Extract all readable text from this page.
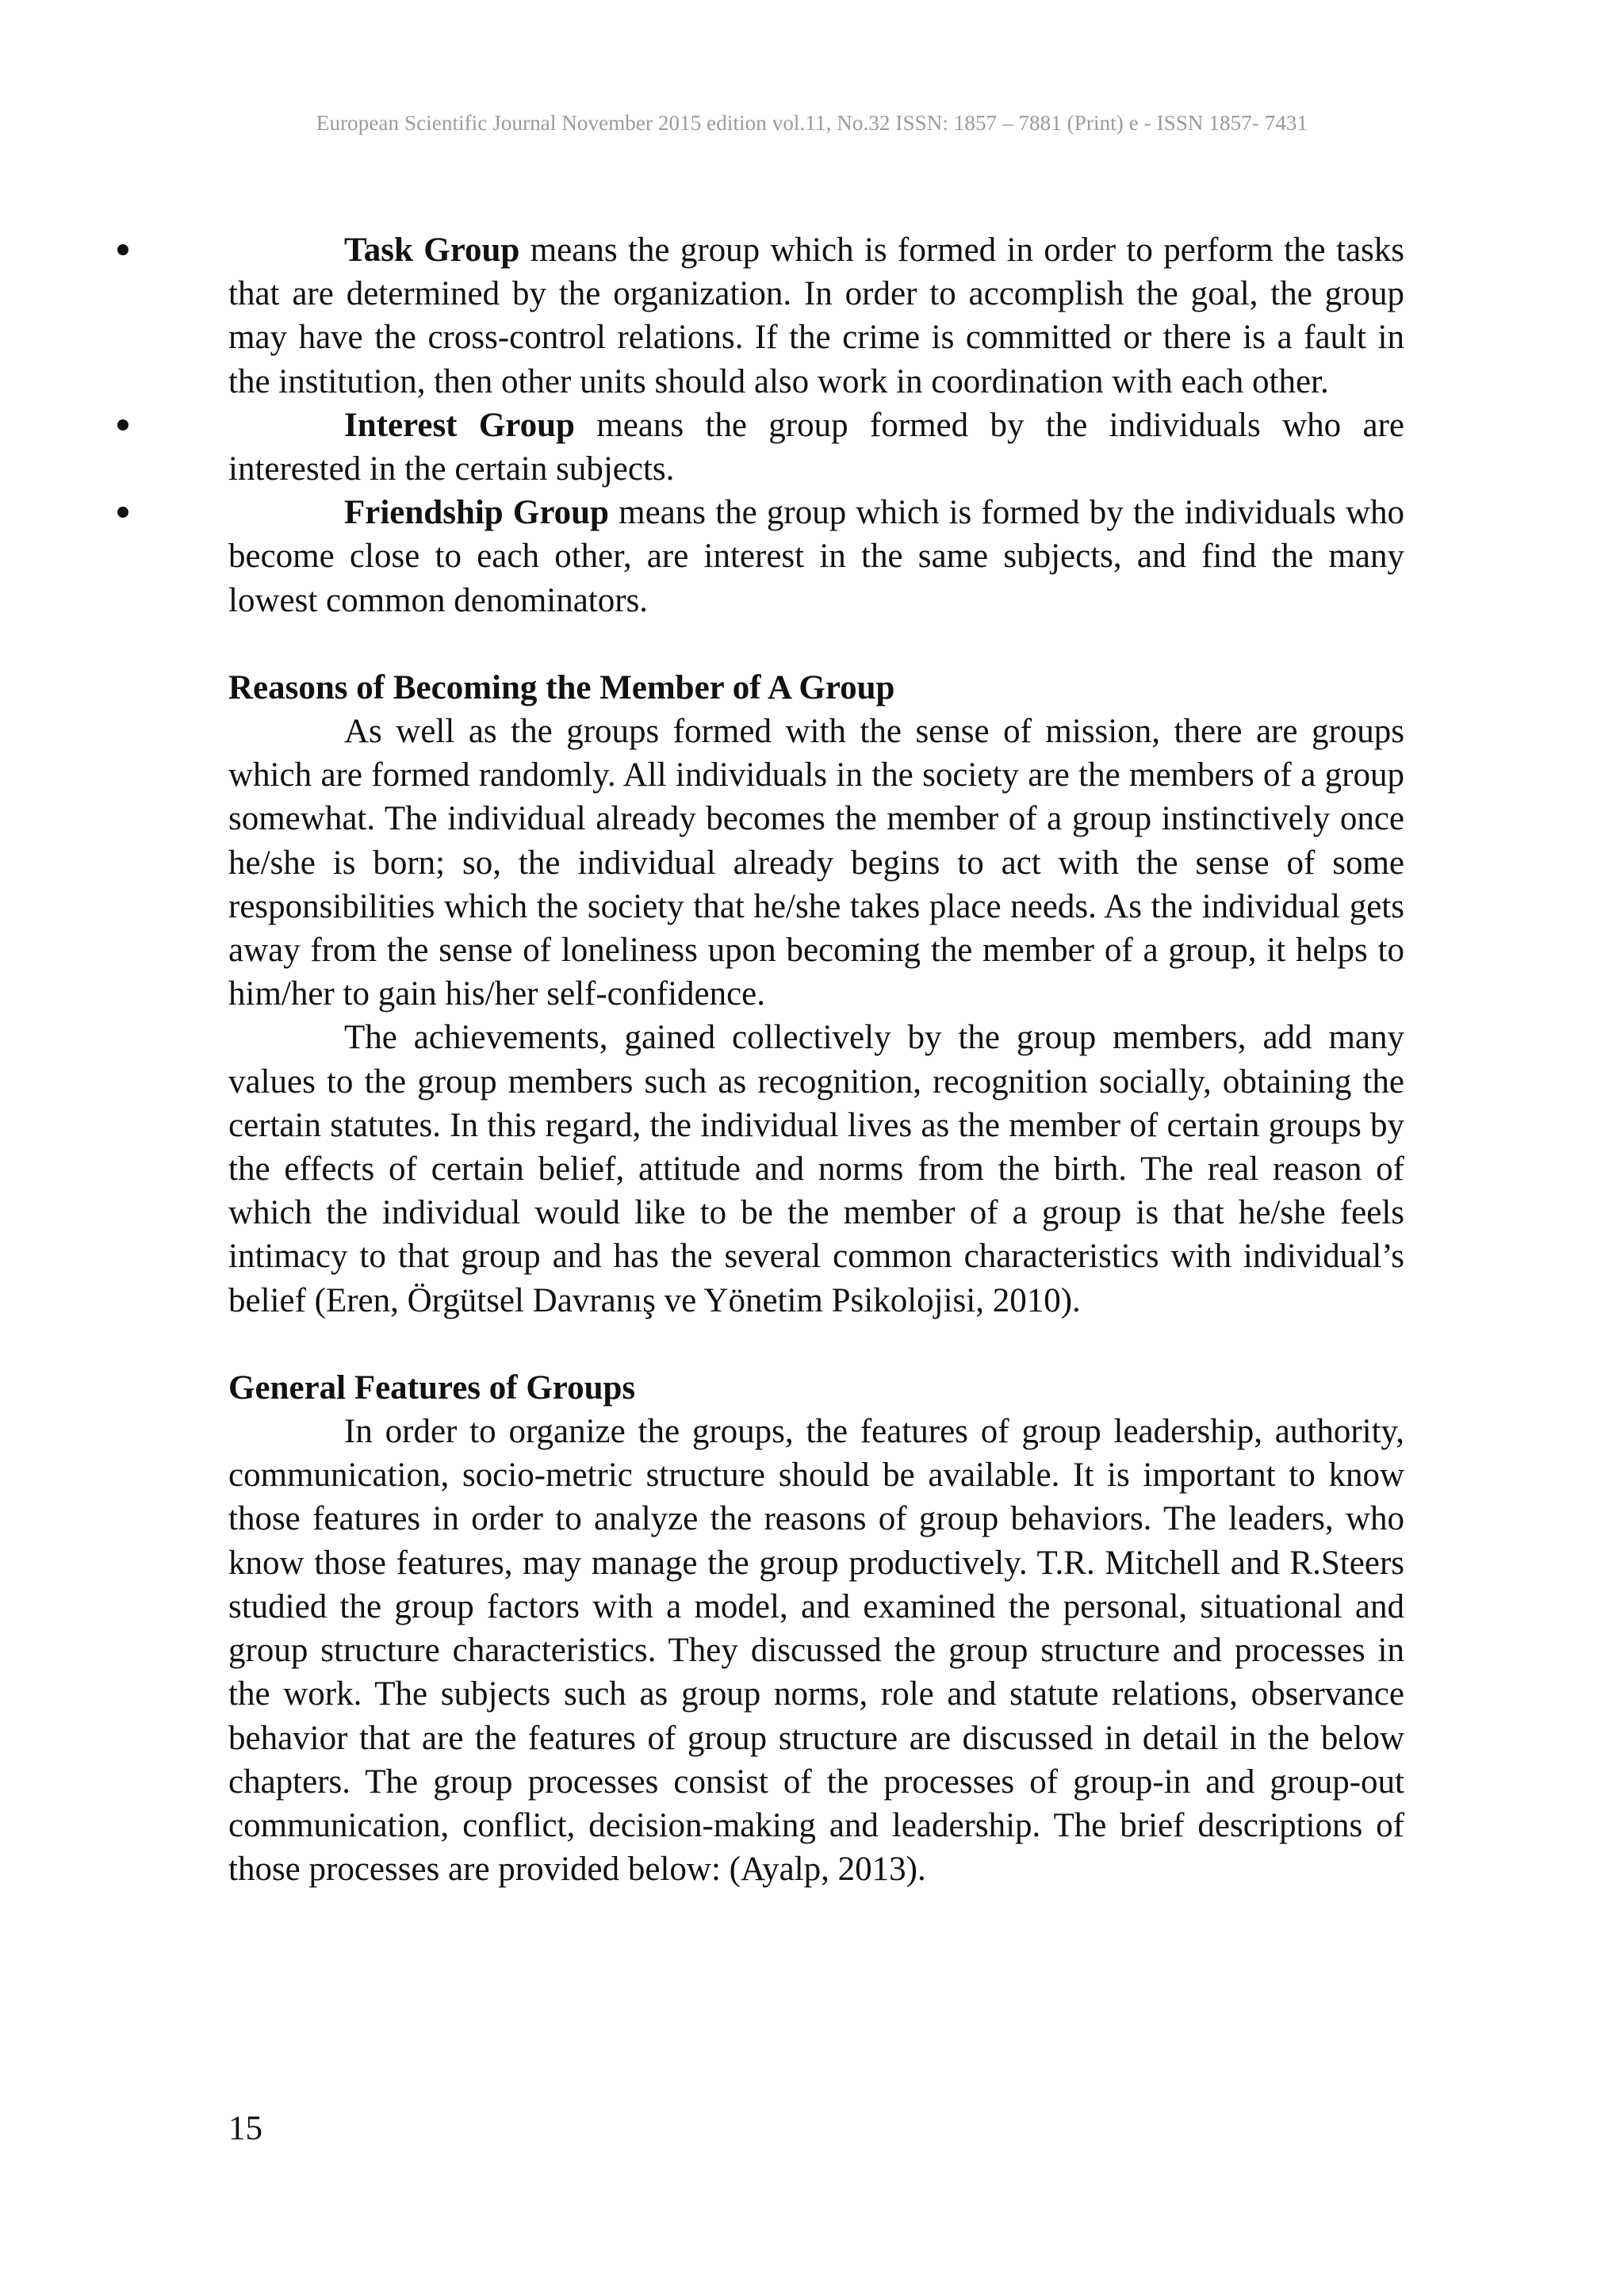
European Scientific Journal November 2015 edition vol.11, No.32 ISSN: 1857 – 7881 (Print) e - ISSN 1857- 7431

Task Group means the group which is formed in order to perform the tasks that are determined by the organization. In order to accomplish the goal, the group may have the cross-control relations. If the crime is committed or there is a fault in the institution, then other units should also work in coordination with each other.

Interest Group means the group formed by the individuals who are interested in the certain subjects.

Friendship Group means the group which is formed by the individuals who become close to each other, are interest in the same subjects, and find the many lowest common denominators.

Reasons of Becoming the Member of A Group

As well as the groups formed with the sense of mission, there are groups which are formed randomly. All individuals in the society are the members of a group somewhat. The individual already becomes the member of a group instinctively once he/she is born; so, the individual already begins to act with the sense of some responsibilities which the society that he/she takes place needs. As the individual gets away from the sense of loneliness upon becoming the member of a group, it helps to him/her to gain his/her self-confidence.

The achievements, gained collectively by the group members, add many values to the group members such as recognition, recognition socially, obtaining the certain statutes. In this regard, the individual lives as the member of certain groups by the effects of certain belief, attitude and norms from the birth. The real reason of which the individual would like to be the member of a group is that he/she feels intimacy to that group and has the several common characteristics with individual’s belief (Eren, Örgütsel Davranış ve Yönetim Psikolojisi, 2010).

General Features of Groups

In order to organize the groups, the features of group leadership, authority, communication, socio-metric structure should be available. It is important to know those features in order to analyze the reasons of group behaviors. The leaders, who know those features, may manage the group productively. T.R. Mitchell and R.Steers studied the group factors with a model, and examined the personal, situational and group structure characteristics. They discussed the group structure and processes in the work. The subjects such as group norms, role and statute relations, observance behavior that are the features of group structure are discussed in detail in the below chapters. The group processes consist of the processes of group-in and group-out communication, conflict, decision-making and leadership. The brief descriptions of those processes are provided below: (Ayalp, 2013).

15
